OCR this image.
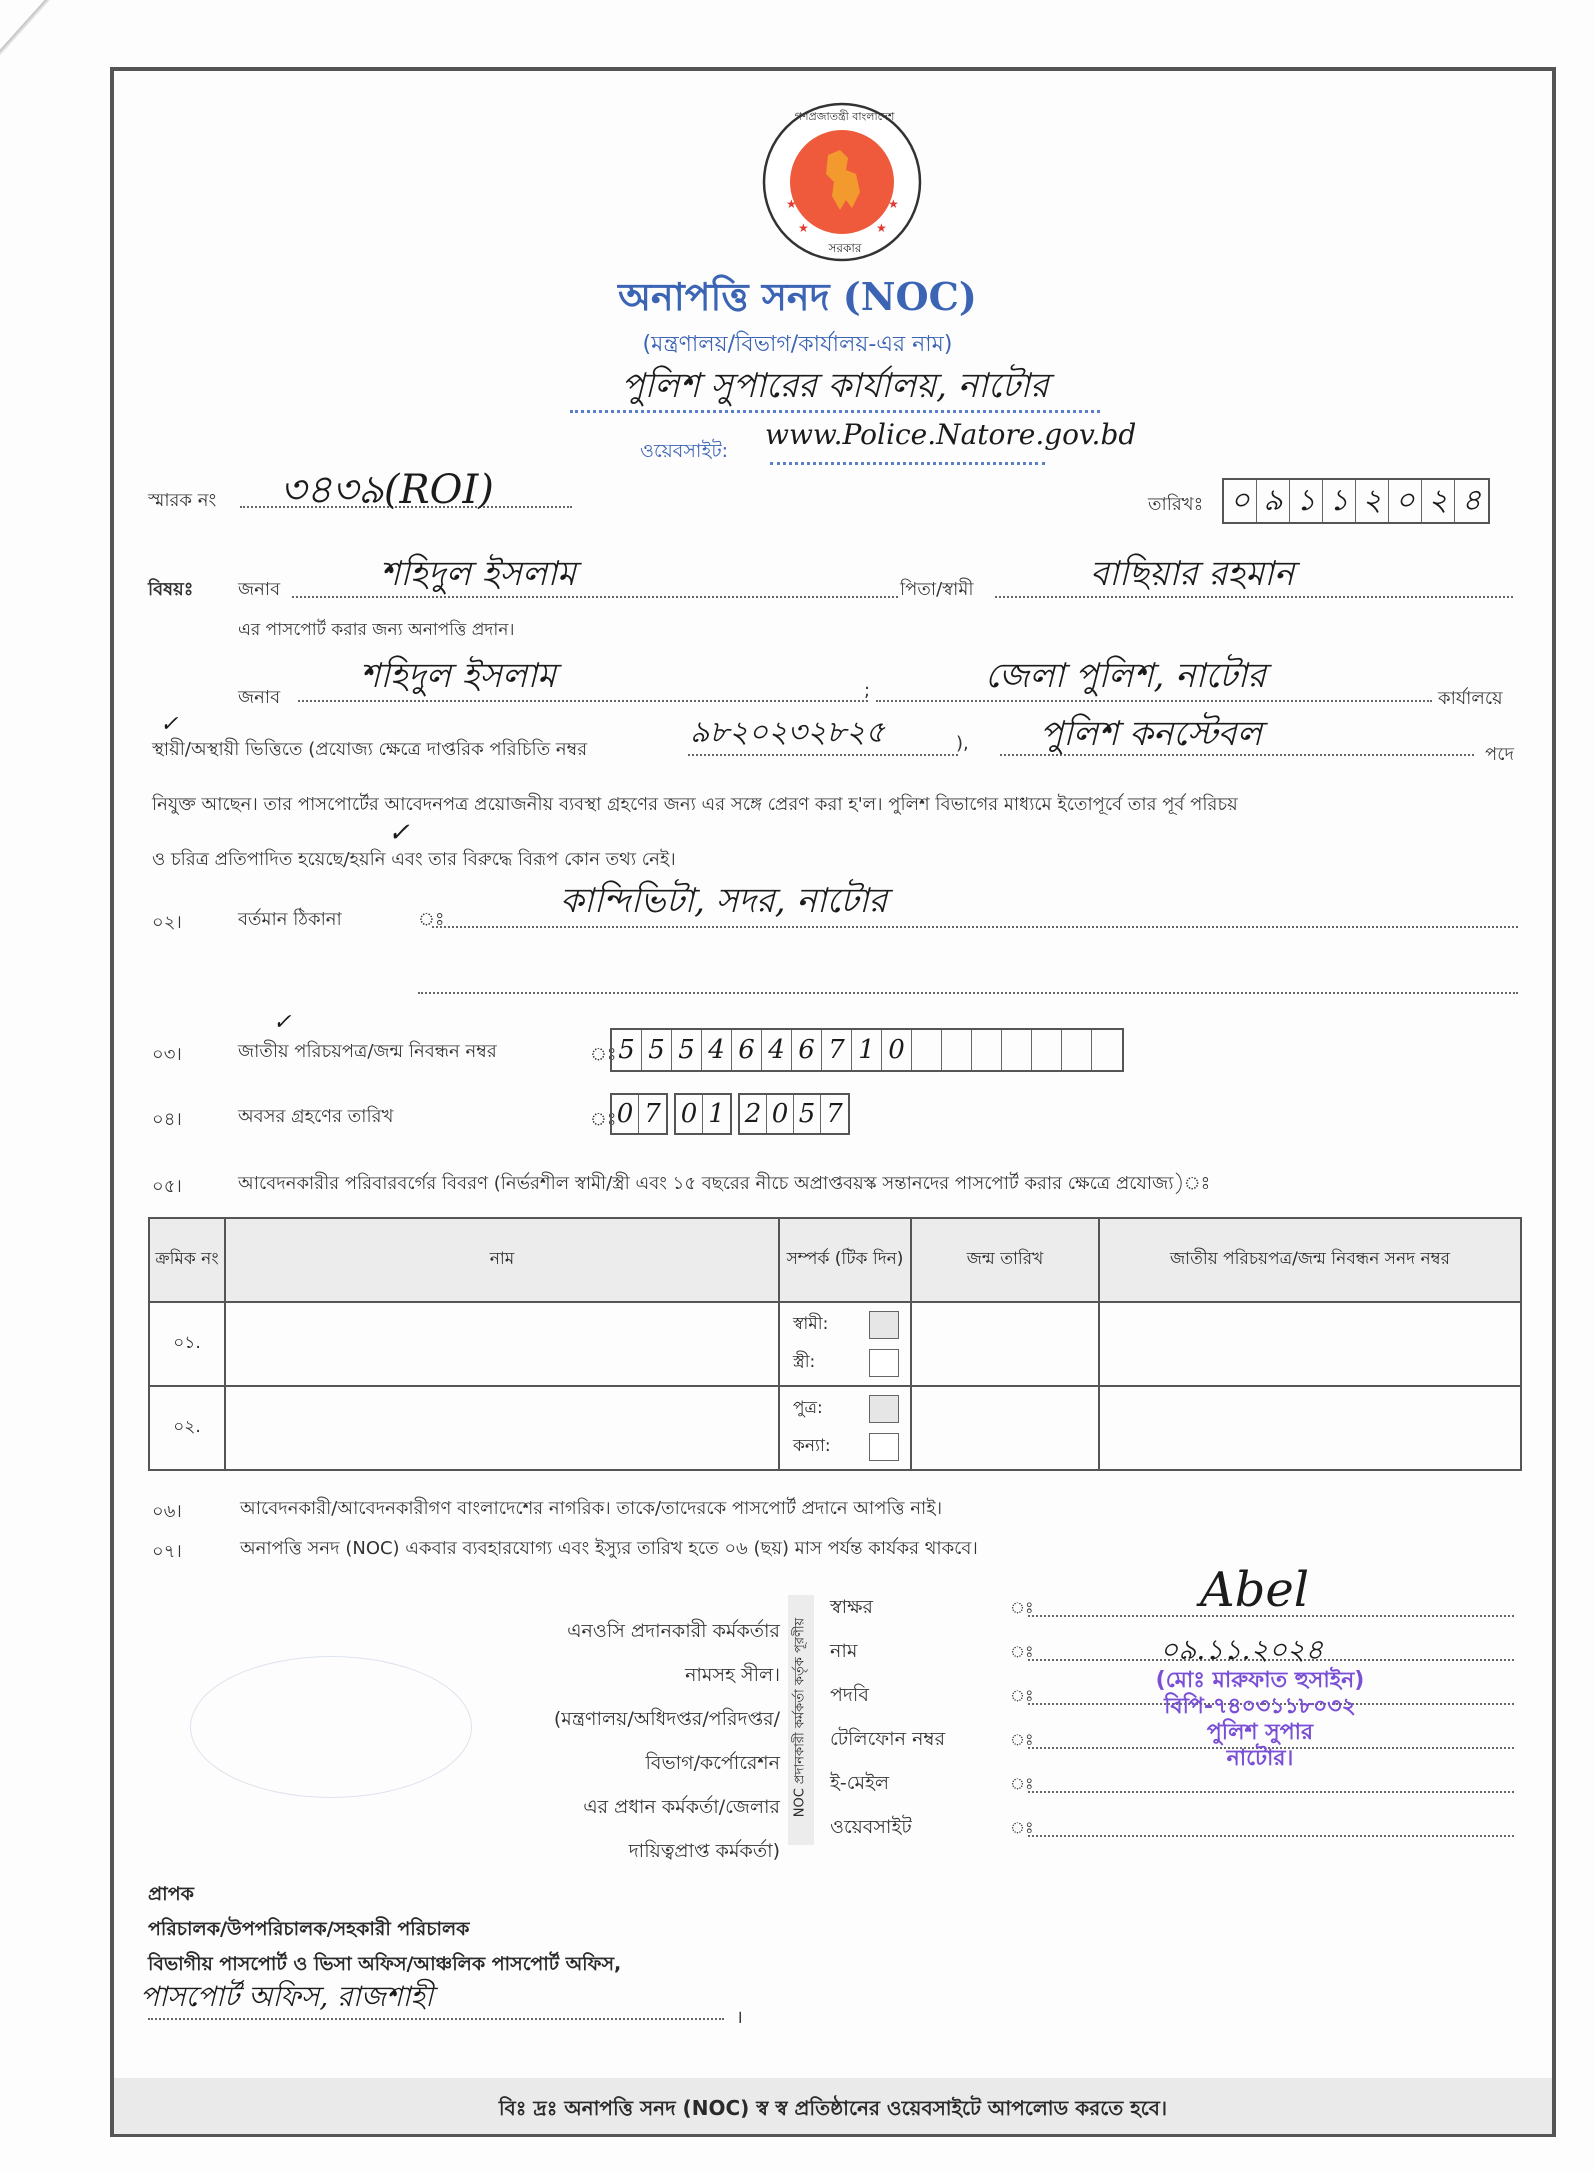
★	★
★	★
গণপ্রজাতন্ত্রী বাংলাদেশ
সরকার
অনাপত্তি সনদ (NOC)
(মন্ত্রণালয়/বিভাগ/কার্যালয়-এর নাম)
পুলিশ সুপারের কার্যালয়, নাটোর
ওয়েবসাইট: www.Police.Natore.gov.bd
স্মারক নং ৩৪৩৯(ROI)	তারিখঃ ০ ৯ ১ ১ ২ ০ ২ ৪
বিষয়ঃ জনাব	শহিদুল ইসলাম	পিতা/স্বামী	বাছিয়ার রহমান
এর পাসপোর্ট করার জন্য অনাপত্তি প্রদান।
জনাব
শহিদুল ইসলাম	;	জেলা পুলিশ, নাটোর
কার্যালয়ে
✓
স্থায়ী/অস্থায়ী ভিত্তিতে (প্রযোজ্য ক্ষেত্রে দাপ্তরিক পরিচিতি নম্বর	৯৮২০২৩২৮২৫	), পুলিশ কনস্টেবল
পদে
নিযুক্ত আছেন। তার পাসপোর্টের আবেদনপত্র প্রয়োজনীয় ব্যবস্থা গ্রহণের জন্য এর সঙ্গে প্রেরণ করা হ'ল। পুলিশ বিভাগের মাধ্যমে ইতোপূর্বে তার পূর্ব পরিচয়
✓
ও চরিত্র প্রতিপাদিত হয়েছে/হয়নি এবং তার বিরুদ্ধে বিরূপ কোন তথ্য নেই।
০২।	বর্তমান ঠিকানা	ঃ	কান্দিভিটা, সদর, নাটোর
০৩।
✓
জাতীয় পরিচয়পত্র/জন্ম নিবন্ধন নম্বর	ঃ 5 5 5 4 6 4 6 7 1 0
০৪।	অবসর গ্রহণের তারিখ	ঃ 0 7 0 1 2 0 5 7
০৫।	আবেদনকারীর পরিবারবর্গের বিবরণ (নির্ভরশীল স্বামী/স্ত্রী এবং ১৫ বছরের নীচে অপ্রাপ্তবয়স্ক সন্তানদের পাসপোর্ট করার ক্ষেত্রে প্রযোজ্য)ঃ
ক্রমিক নং	নাম	সম্পর্ক (টিক দিন)	জন্ম তারিখ	জাতীয় পরিচয়পত্র/জন্ম নিবন্ধন সনদ নম্বর
০১.		স্বামী:
স্ত্রী:		

০২.		পুত্র:
কন্যা:		

০৬।	আবেদনকারী/আবেদনকারীগণ বাংলাদেশের নাগরিক। তাকে/তাদেরকে পাসপোর্ট প্রদানে আপত্তি নাই।
০৭।	অনাপত্তি সনদ (NOC) একবার ব্যবহারযোগ্য এবং ইস্যুর তারিখ হতে ০৬ (ছয়) মাস পর্যন্ত কার্যকর থাকবে।

এনওসি প্রদানকারী কর্মকর্তার
নামসহ সীল।
(মন্ত্রণালয়/অধিদপ্তর/পরিদপ্তর/
বিভাগ/কর্পোরেশন
এর প্রধান কর্মকর্তা/জেলার
দায়িত্বপ্রাপ্ত কর্মকর্তা)
NOC প্রদানকারী কর্মকর্তা কর্তৃক পূরণীয়
স্বাক্ষর	ঃ
নাম	ঃ
পদবি	ঃ
টেলিফোন নম্বর	ঃ
ই-মেইল	ঃ
ওয়েবসাইট	ঃ
Abel
০৯.১১.২০২৪
(মোঃ মারুফাত হুসাইন)
বিপি-৭৪০৩১১৮০৩২
পুলিশ সুপার
নাটোর।
প্রাপক
পরিচালক/উপপরিচালক/সহকারী পরিচালক
বিভাগীয় পাসপোর্ট ও ভিসা অফিস/আঞ্চলিক পাসপোর্ট অফিস,
পাসপোর্ট অফিস, রাজশাহী
।
বিঃ দ্রঃ অনাপত্তি সনদ (NOC) স্ব স্ব প্রতিষ্ঠানের ওয়েবসাইটে আপলোড করতে হবে।
